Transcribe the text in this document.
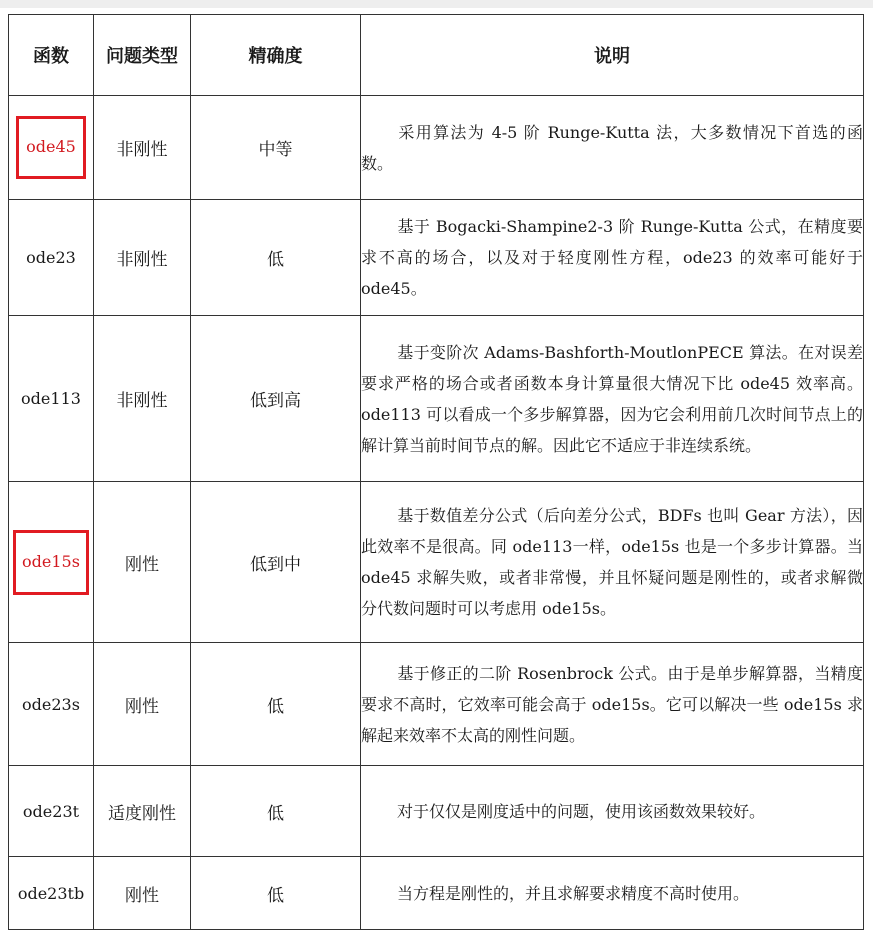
函数	问题类型	精确度	说明
ode45	非刚性	中等	采用算法为 4-5 阶 Runge-Kutta 法，大多数情况下首选的函数。
ode23	非刚性	低	基于 Bogacki-Shampine2-3 阶 Runge-Kutta 公式，在精度要求不高的场合，以及对于轻度刚性方程，ode23 的效率可能好于 ode45。
ode113	非刚性	低到高	基于变阶次 Adams-Bashforth-MoutlonPECE 算法。在对误差要求严格的场合或者函数本身计算量很大情况下比 ode45 效率高。ode113 可以看成一个多步解算器，因为它会利用前几次时间节点上的解计算当前时间节点的解。因此它不适应于非连续系统。
ode15s	刚性	低到中	基于数值差分公式（后向差分公式，BDFs 也叫 Gear 方法），因此效率不是很高。同 ode113一样，ode15s 也是一个多步计算器。当 ode45 求解失败，或者非常慢，并且怀疑问题是刚性的，或者求解微分代数问题时可以考虑用 ode15s。
ode23s	刚性	低	基于修正的二阶 Rosenbrock 公式。由于是单步解算器，当精度要求不高时，它效率可能会高于 ode15s。它可以解决一些 ode15s 求解起来效率不太高的刚性问题。
ode23t	适度刚性	低	对于仅仅是刚度适中的问题，使用该函数效果较好。
ode23tb	刚性	低	当方程是刚性的，并且求解要求精度不高时使用。
